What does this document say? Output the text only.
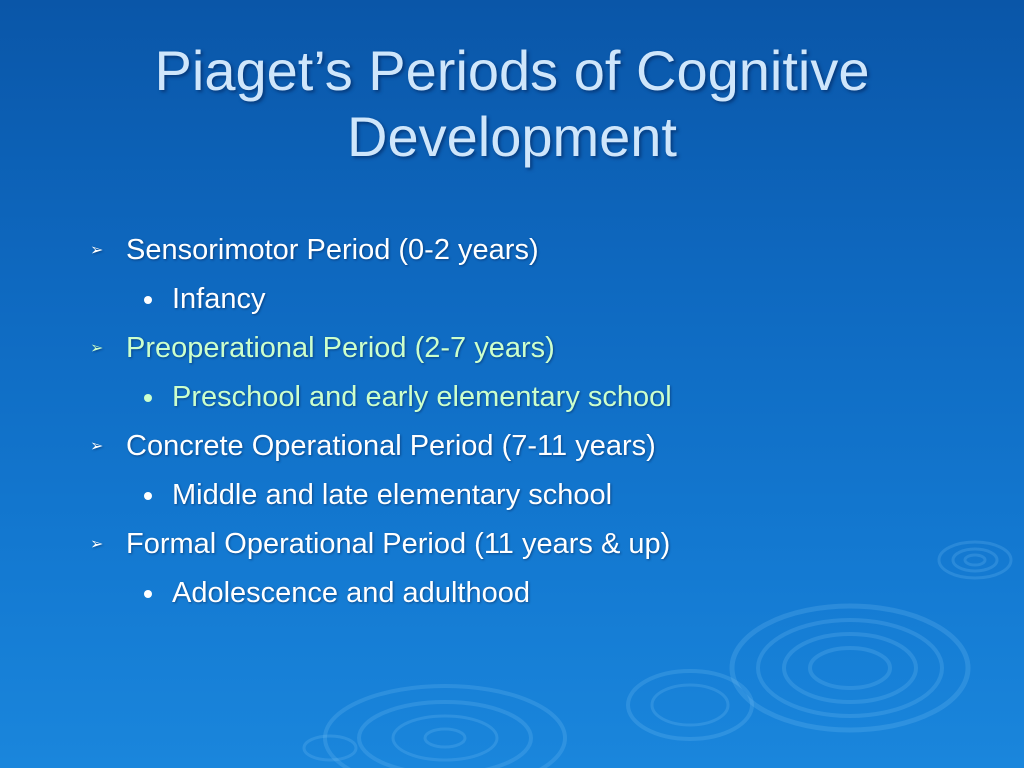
Piaget’s Periods of Cognitive
Development
➢ Sensorimotor Period (0-2 years)
Infancy
➢ Preoperational Period (2-7 years)
Preschool and early elementary school
➢ Concrete Operational Period (7-11 years)
Middle and late elementary school
➢ Formal Operational Period (11 years & up)
Adolescence and adulthood
